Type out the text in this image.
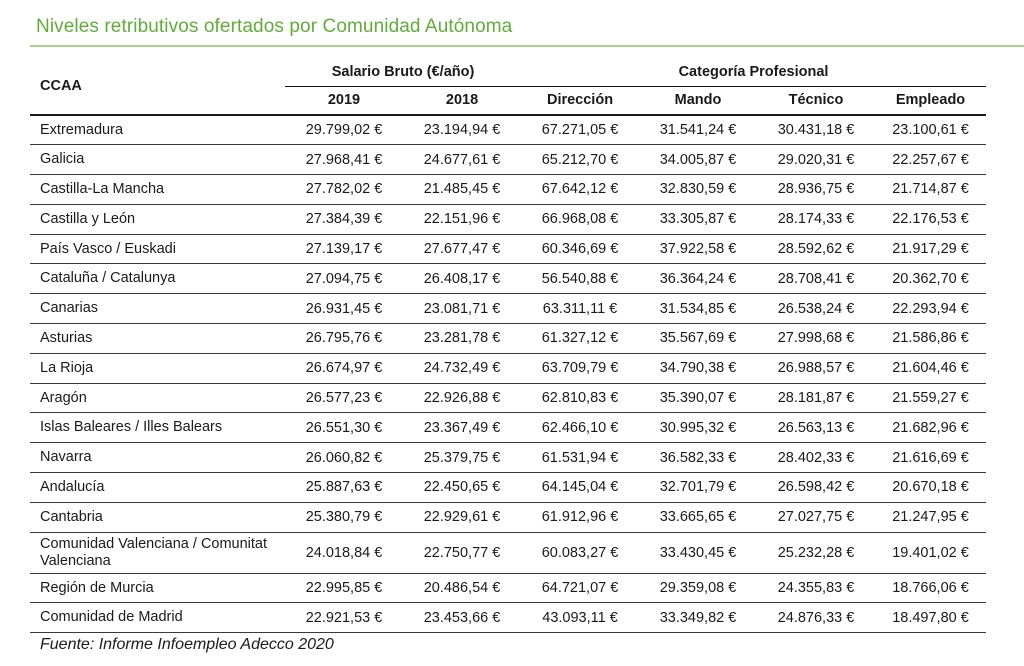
Niveles retributivos ofertados por Comunidad Autónoma
CCAA	Salario Bruto (€/año)		Categoría Profesional			
	2019	2018	Dirección	Mando	Técnico	Empleado
Extremadura	29.799,02 €	23.194,94 €	67.271,05 €	31.541,24 €	30.431,18 €	23.100,61 €
Galicia	27.968,41 €	24.677,61 €	65.212,70 €	34.005,87 €	29.020,31 €	22.257,67 €
Castilla-La Mancha	27.782,02 €	21.485,45 €	67.642,12 €	32.830,59 €	28.936,75 €	21.714,87 €
Castilla y León	27.384,39 €	22.151,96 €	66.968,08 €	33.305,87 €	28.174,33 €	22.176,53 €
País Vasco / Euskadi	27.139,17 €	27.677,47 €	60.346,69 €	37.922,58 €	28.592,62 €	21.917,29 €
Cataluña / Catalunya	27.094,75 €	26.408,17 €	56.540,88 €	36.364,24 €	28.708,41 €	20.362,70 €
Canarias	26.931,45 €	23.081,71 €	63.311,11 €	31.534,85 €	26.538,24 €	22.293,94 €
Asturias	26.795,76 €	23.281,78 €	61.327,12 €	35.567,69 €	27.998,68 €	21.586,86 €
La Rioja	26.674,97 €	24.732,49 €	63.709,79 €	34.790,38 €	26.988,57 €	21.604,46 €
Aragón	26.577,23 €	22.926,88 €	62.810,83 €	35.390,07 €	28.181,87 €	21.559,27 €
Islas Baleares / Illes Balears	26.551,30 €	23.367,49 €	62.466,10 €	30.995,32 €	26.563,13 €	21.682,96 €
Navarra	26.060,82 €	25.379,75 €	61.531,94 €	36.582,33 €	28.402,33 €	21.616,69 €
Andalucía	25.887,63 €	22.450,65 €	64.145,04 €	32.701,79 €	26.598,42 €	20.670,18 €
Cantabria	25.380,79 €	22.929,61 €	61.912,96 €	33.665,65 €	27.027,75 €	21.247,95 €
Comunidad Valenciana / Comunitat Valenciana	24.018,84 €	22.750,77 €	60.083,27 €	33.430,45 €	25.232,28 €	19.401,02 €
Región de Murcia	22.995,85 €	20.486,54 €	64.721,07 €	29.359,08 €	24.355,83 €	18.766,06 €
Comunidad de Madrid	22.921,53 €	23.453,66 €	43.093,11 €	33.349,82 €	24.876,33 €	18.497,80 €
Fuente: Informe Infoempleo Adecco 2020
